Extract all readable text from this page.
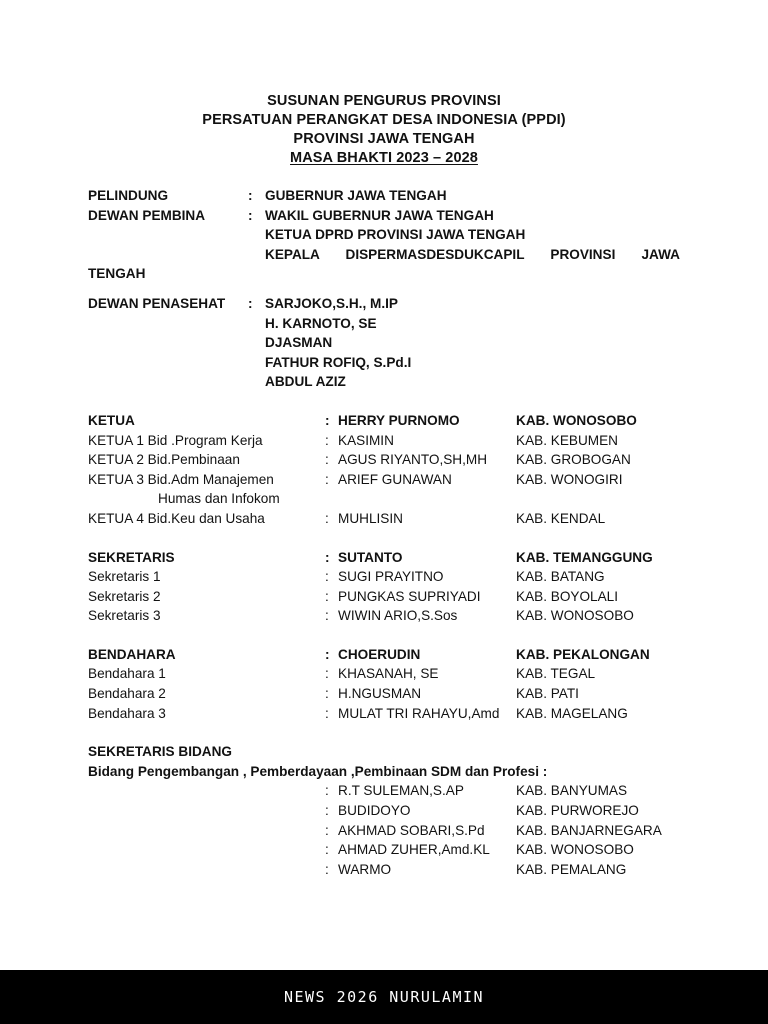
SUSUNAN PENGURUS PROVINSI
PERSATUAN PERANGKAT DESA INDONESIA (PPDI)
PROVINSI JAWA TENGAH
MASA BHAKTI 2023 – 2028
PELINDUNG	: GUBERNUR JAWA TENGAH
DEWAN PEMBINA	: WAKIL GUBERNUR JAWA TENGAH
KETUA DPRD PROVINSI JAWA TENGAH
KEPALA DISPERMASDESDUKCAPIL PROVINSI JAWA
TENGAH
DEWAN PENASEHAT	: SARJOKO,S.H., M.IP
H. KARNOTO, SE
DJASMAN
FATHUR ROFIQ, S.Pd.I
ABDUL AZIZ
KETUA	: HERRY PURNOMO	KAB. WONOSOBO
KETUA 1 Bid .Program Kerja	: KASIMIN	KAB. KEBUMEN
KETUA 2 Bid.Pembinaan	: AGUS RIYANTO,SH,MH	KAB. GROBOGAN
KETUA 3 Bid.Adm Manajemen	: ARIEF GUNAWAN	KAB. WONOGIRI
Humas dan Infokom
KETUA 4 Bid.Keu dan Usaha	: MUHLISIN	KAB. KENDAL
SEKRETARIS	: SUTANTO	KAB. TEMANGGUNG
Sekretaris 1	: SUGI PRAYITNO	KAB. BATANG
Sekretaris 2	: PUNGKAS SUPRIYADI	KAB. BOYOLALI
Sekretaris 3	: WIWIN ARIO,S.Sos	KAB. WONOSOBO
BENDAHARA	: CHOERUDIN	KAB. PEKALONGAN
Bendahara 1	: KHASANAH, SE	KAB. TEGAL
Bendahara 2	: H.NGUSMAN	KAB. PATI
Bendahara 3	: MULAT TRI RAHAYU,Amd	KAB. MAGELANG
SEKRETARIS BIDANG
Bidang Pengembangan , Pemberdayaan ,Pembinaan SDM dan Profesi :
: R.T SULEMAN,S.AP	KAB. BANYUMAS
: BUDIDOYO	KAB. PURWOREJO
: AKHMAD SOBARI,S.Pd	KAB. BANJARNEGARA
: AHMAD ZUHER,Amd.KL	KAB. WONOSOBO
: WARMO	KAB. PEMALANG
NEWS 2026 NURULAMIN
